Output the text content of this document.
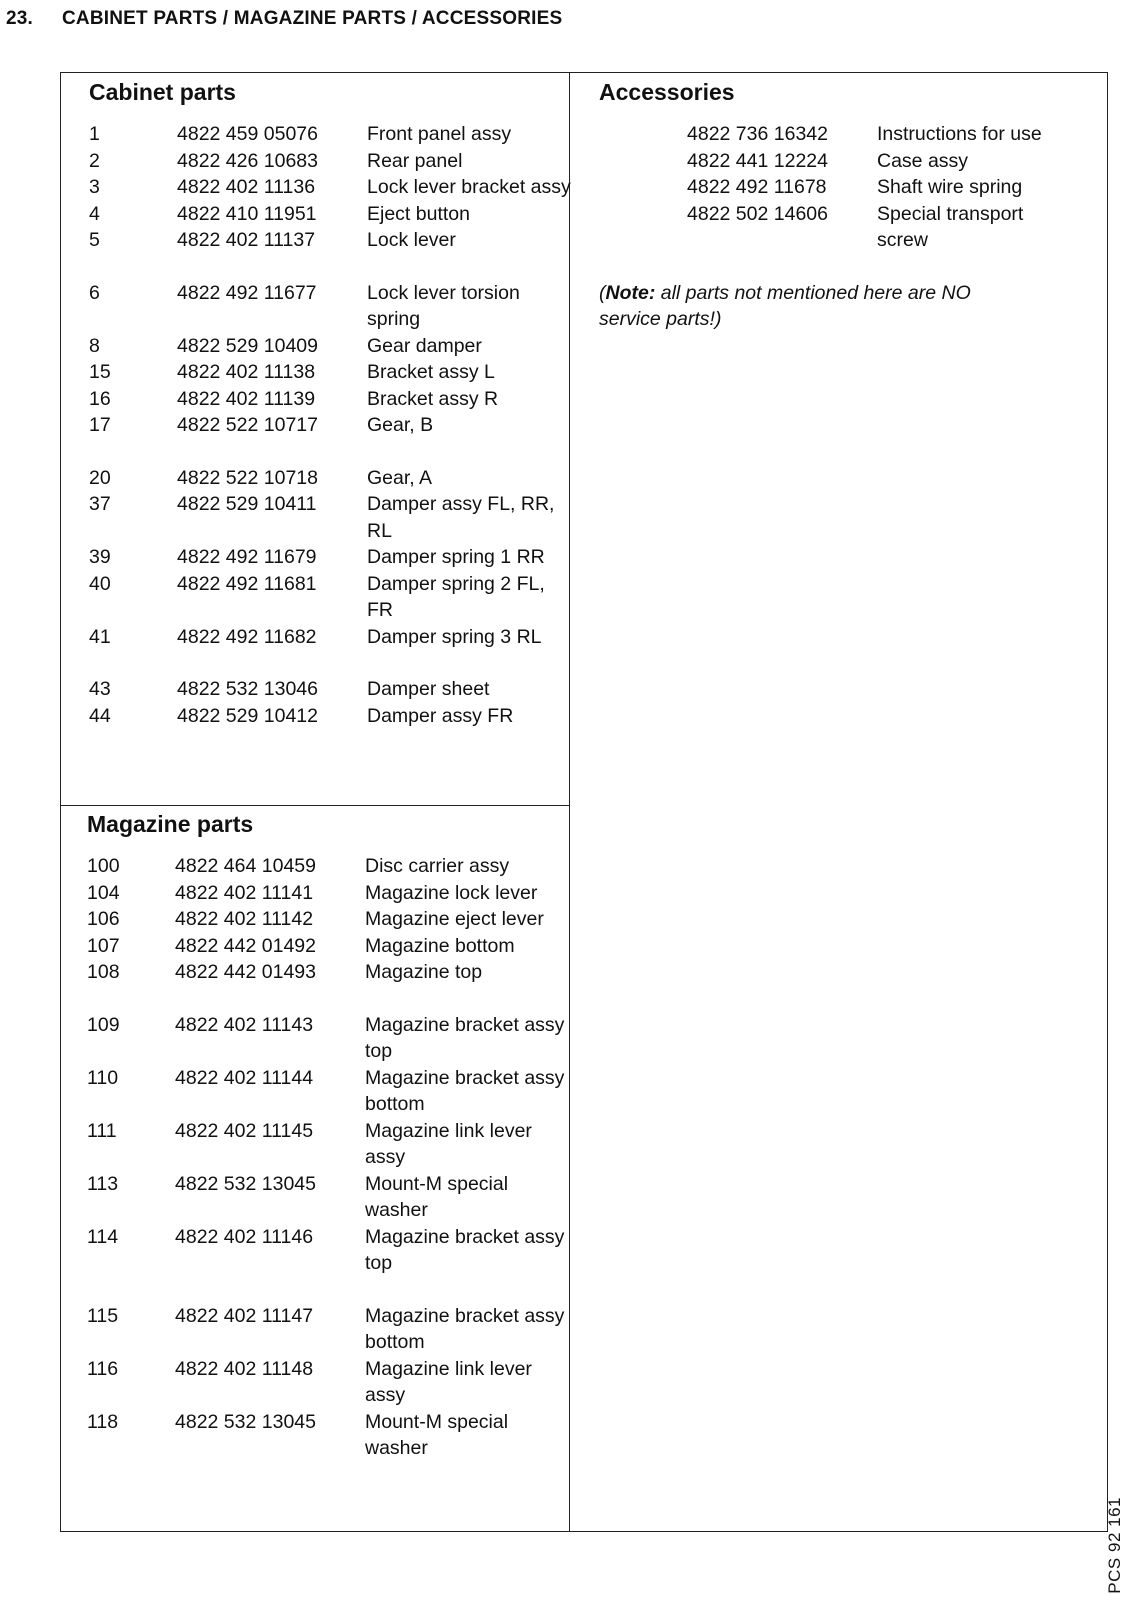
23. CABINET PARTS / MAGAZINE PARTS / ACCESSORIES
Cabinet parts
1	4822 459 05076	Front panel assy
2	4822 426 10683	Rear panel
3	4822 402 11136	Lock lever bracket assy
4	4822 410 11951	Eject button
5	4822 402 11137	Lock lever
6	4822 492 11677	Lock lever torsion spring
8	4822 529 10409	Gear damper
15	4822 402 11138	Bracket assy L
16	4822 402 11139	Bracket assy R
17	4822 522 10717	Gear, B
20	4822 522 10718	Gear, A
37	4822 529 10411	Damper assy FL, RR, RL
39	4822 492 11679	Damper spring 1 RR
40	4822 492 11681	Damper spring 2 FL, FR
41	4822 492 11682	Damper spring 3 RL
43	4822 532 13046	Damper sheet
44	4822 529 10412	Damper assy FR
Magazine parts
100	4822 464 10459	Disc carrier assy
104	4822 402 11141	Magazine lock lever
106	4822 402 11142	Magazine eject lever
107	4822 442 01492	Magazine bottom
108	4822 442 01493	Magazine top
109	4822 402 11143	Magazine bracket assy top
110	4822 402 11144	Magazine bracket assy bottom
111	4822 402 11145	Magazine link lever assy
113	4822 532 13045	Mount-M special washer
114	4822 402 11146	Magazine bracket assy top
115	4822 402 11147	Magazine bracket assy bottom
116	4822 402 11148	Magazine link lever assy
118	4822 532 13045	Mount-M special washer
Accessories
4822 736 16342	Instructions for use
4822 441 12224	Case assy
4822 492 11678	Shaft wire spring
4822 502 14606	Special transport screw
(Note: all parts not mentioned here are NO service parts!)
PCS 92 161
